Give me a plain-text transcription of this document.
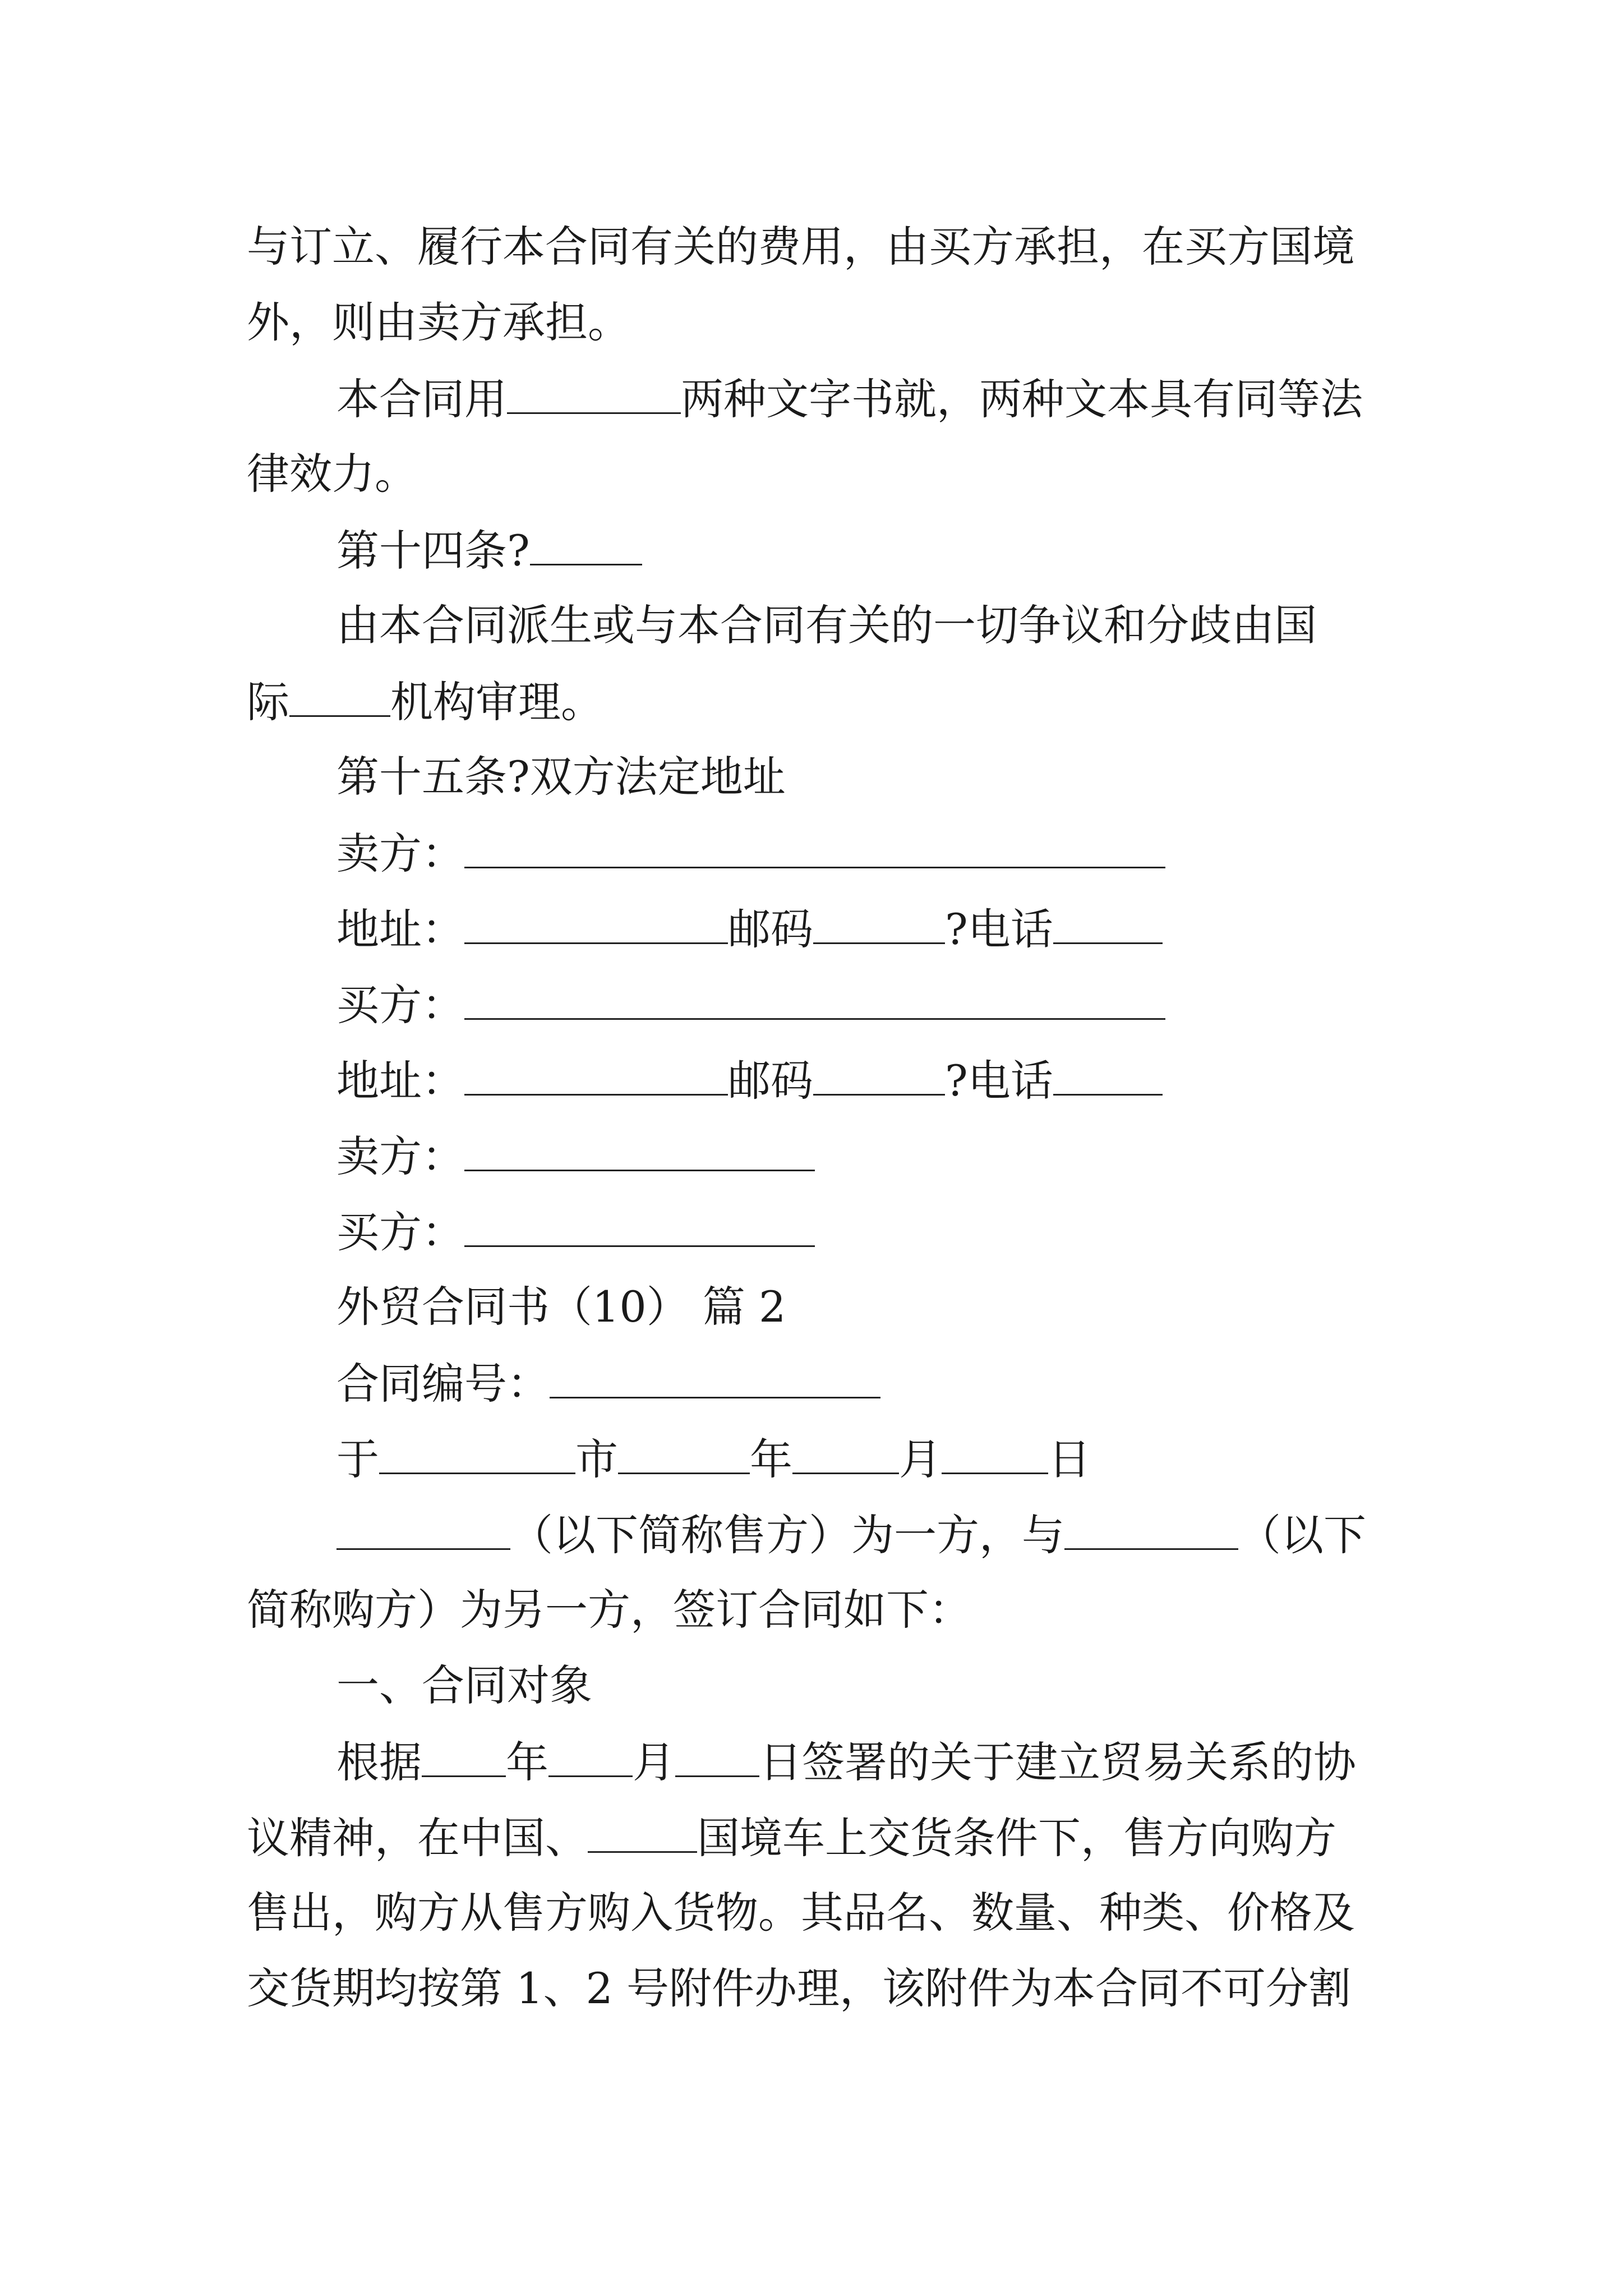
与订立、履行本合同有关的费用，由买方承担，在买方国境
外，则由卖方承担。
本合同用	两种文字书就，两种文本具有同等法
律效力。
第十四条?
由本合同派生或与本合同有关的一切争议和分歧由国
际 机构审理。
第十五条?双方法定地址
卖方：
地址：	邮码	?电话
买方：
地址：	邮码	?电话
卖方：
买方：
外贸合同书（10） 篇 2
合同编号：
于	市	年	月	日
（以下简称售方）为一方，与	（以下
简称购方）为另一方，签订合同如下：
一、合同对象
根据 年 月 日签署的关于建立贸易关系的协
议精神，在中国、	国境车上交货条件下，售方向购方
售出，购方从售方购入货物。其品名、数量、种类、价格及
交货期均按第 1、2 号附件办理，该附件为本合同不可分割
